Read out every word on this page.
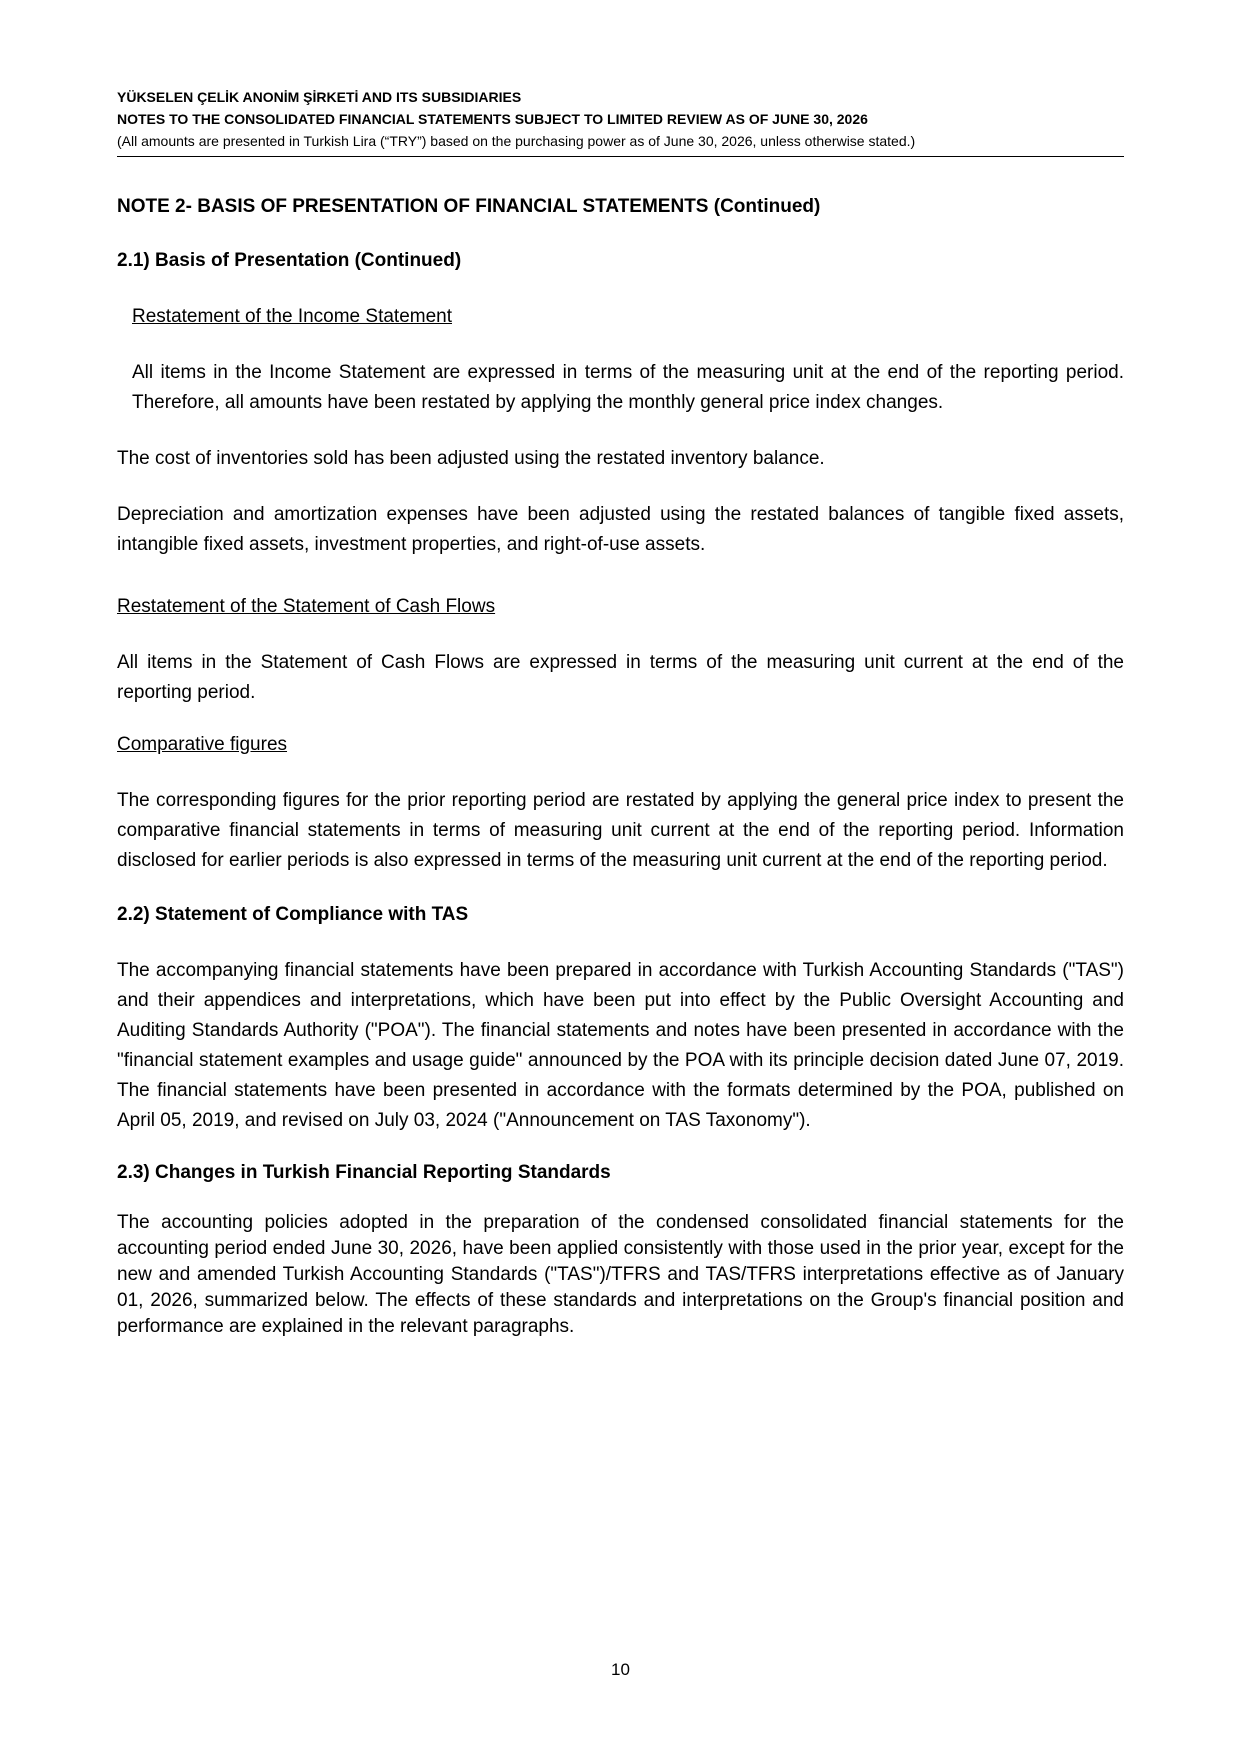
YÜKSELEN ÇELİK ANONİM ŞİRKETİ AND ITS SUBSIDIARIES
NOTES TO THE CONSOLIDATED FINANCIAL STATEMENTS SUBJECT TO LIMITED REVIEW AS OF JUNE 30, 2026
(All amounts are presented in Turkish Lira (“TRY”) based on the purchasing power as of June 30, 2026, unless otherwise stated.)
NOTE 2- BASIS OF PRESENTATION OF FINANCIAL STATEMENTS (Continued)
2.1) Basis of Presentation (Continued)
Restatement of the Income Statement

All items in the Income Statement are expressed in terms of the measuring unit at the end of the reporting period. Therefore, all amounts have been restated by applying the monthly general price index changes.

The cost of inventories sold has been adjusted using the restated inventory balance.

Depreciation and amortization expenses have been adjusted using the restated balances of tangible fixed assets, intangible fixed assets, investment properties, and right-of-use assets.

Restatement of the Statement of Cash Flows

All items in the Statement of Cash Flows are expressed in terms of the measuring unit current at the end of the reporting period.

Comparative figures

The corresponding figures for the prior reporting period are restated by applying the general price index to present the comparative financial statements in terms of measuring unit current at the end of the reporting period. Information disclosed for earlier periods is also expressed in terms of the measuring unit current at the end of the reporting period.

2.2) Statement of Compliance with TAS

The accompanying financial statements have been prepared in accordance with Turkish Accounting Standards ("TAS") and their appendices and interpretations, which have been put into effect by the Public Oversight Accounting and Auditing Standards Authority ("POA"). The financial statements and notes have been presented in accordance with the "financial statement examples and usage guide" announced by the POA with its principle decision dated June 07, 2019. The financial statements have been presented in accordance with the formats determined by the POA, published on April 05, 2019, and revised on July 03, 2024 ("Announcement on TAS Taxonomy").

2.3) Changes in Turkish Financial Reporting Standards

The accounting policies adopted in the preparation of the condensed consolidated financial statements for the accounting period ended June 30, 2026, have been applied consistently with those used in the prior year, except for the new and amended Turkish Accounting Standards ("TAS")/TFRS and TAS/TFRS interpretations effective as of January 01, 2026, summarized below. The effects of these standards and interpretations on the Group's financial position and performance are explained in the relevant paragraphs.

10
